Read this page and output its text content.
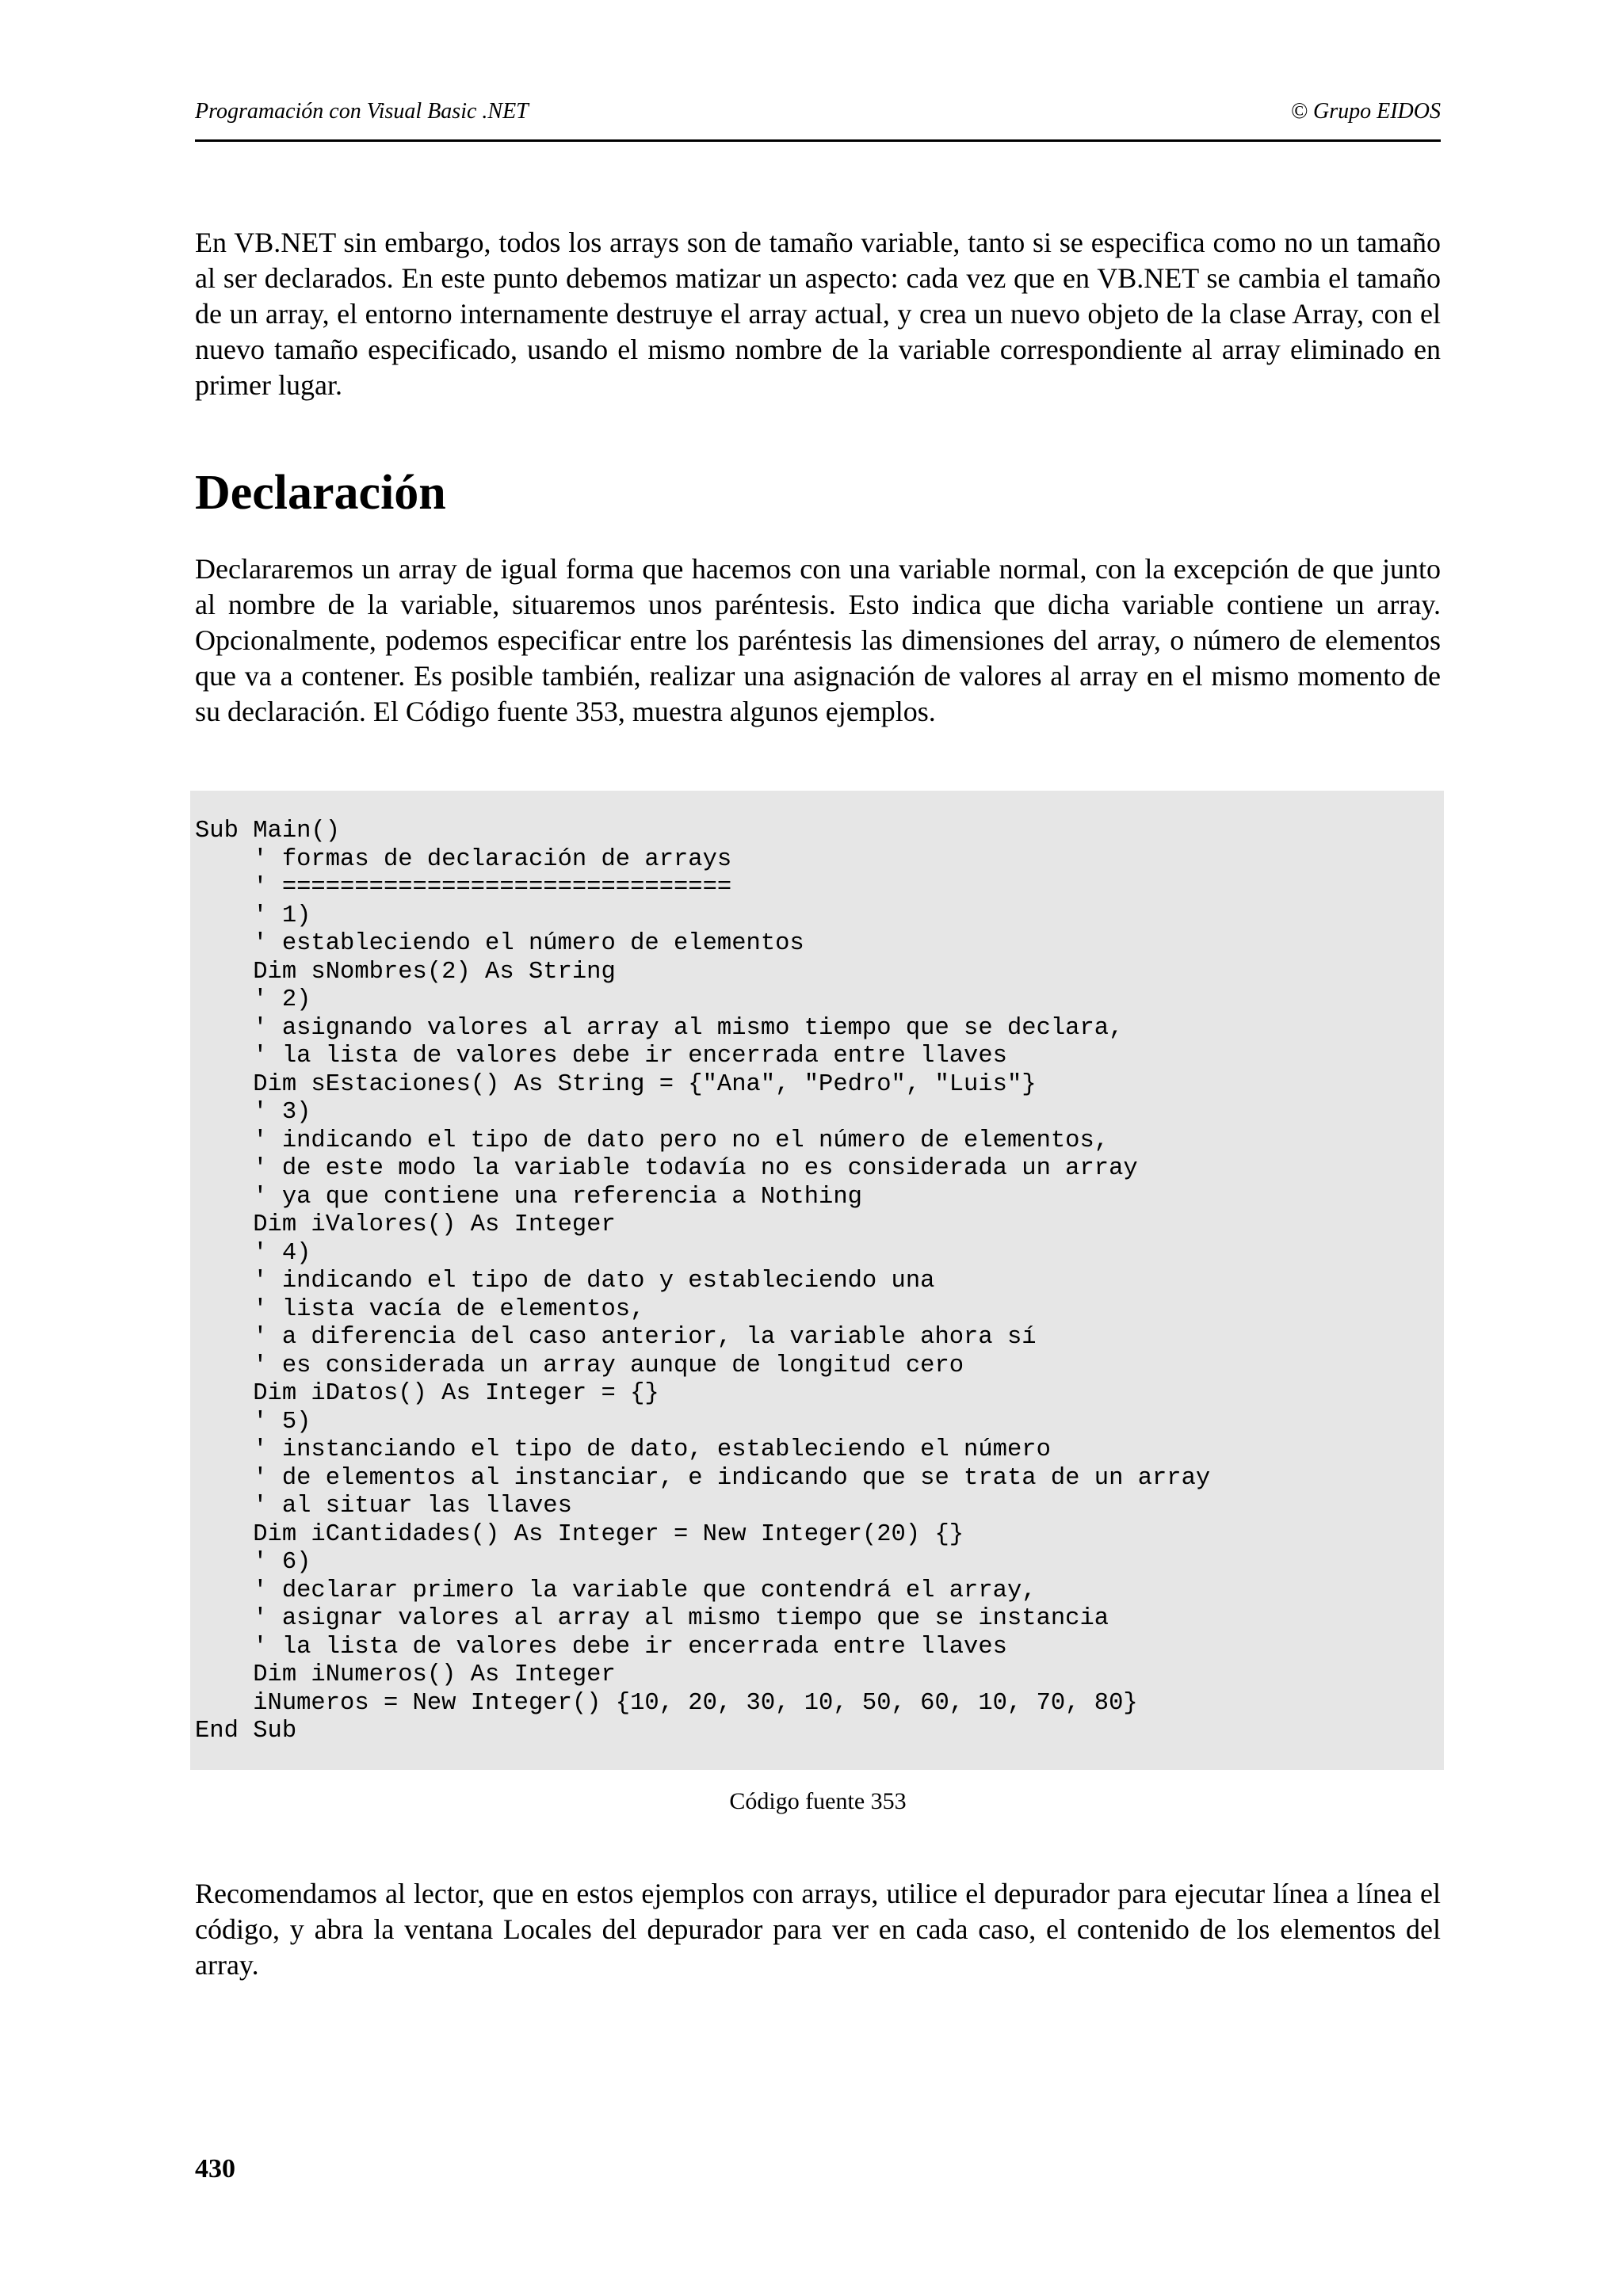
Programación con Visual Basic .NET	© Grupo EIDOS

En VB.NET sin embargo, todos los arrays son de tamaño variable, tanto si se especifica como no un tamaño al ser declarados. En este punto debemos matizar un aspecto: cada vez que en VB.NET se cambia el tamaño de un array, el entorno internamente destruye el array actual, y crea un nuevo objeto de la clase Array, con el nuevo tamaño especificado, usando el mismo nombre de la variable correspondiente al array eliminado en primer lugar.

Declaración

Declararemos un array de igual forma que hacemos con una variable normal, con la excepción de que junto al nombre de la variable, situaremos unos paréntesis. Esto indica que dicha variable contiene un array. Opcionalmente, podemos especificar entre los paréntesis las dimensiones del array, o número de elementos que va a contener. Es posible también, realizar una asignación de valores al array en el mismo momento de su declaración. El Código fuente 353, muestra algunos ejemplos.

Sub Main()
' formas de declaración de arrays
' ===============================
' 1)
' estableciendo el número de elementos
Dim sNombres(2) As String
' 2)
' asignando valores al array al mismo tiempo que se declara,
' la lista de valores debe ir encerrada entre llaves
Dim sEstaciones() As String = {"Ana", "Pedro", "Luis"}
' 3)
' indicando el tipo de dato pero no el número de elementos,
' de este modo la variable todavía no es considerada un array
' ya que contiene una referencia a Nothing
Dim iValores() As Integer
' 4)
' indicando el tipo de dato y estableciendo una
' lista vacía de elementos,
' a diferencia del caso anterior, la variable ahora sí
' es considerada un array aunque de longitud cero
Dim iDatos() As Integer = {}
' 5)
' instanciando el tipo de dato, estableciendo el número
' de elementos al instanciar, e indicando que se trata de un array
' al situar las llaves
Dim iCantidades() As Integer = New Integer(20) {}
' 6)
' declarar primero la variable que contendrá el array,
' asignar valores al array al mismo tiempo que se instancia
' la lista de valores debe ir encerrada entre llaves
Dim iNumeros() As Integer
iNumeros = New Integer() {10, 20, 30, 10, 50, 60, 10, 70, 80}
End Sub
Código fuente 353

Recomendamos al lector, que en estos ejemplos con arrays, utilice el depurador para ejecutar línea a línea el código, y abra la ventana Locales del depurador para ver en cada caso, el contenido de los elementos del array.

430
